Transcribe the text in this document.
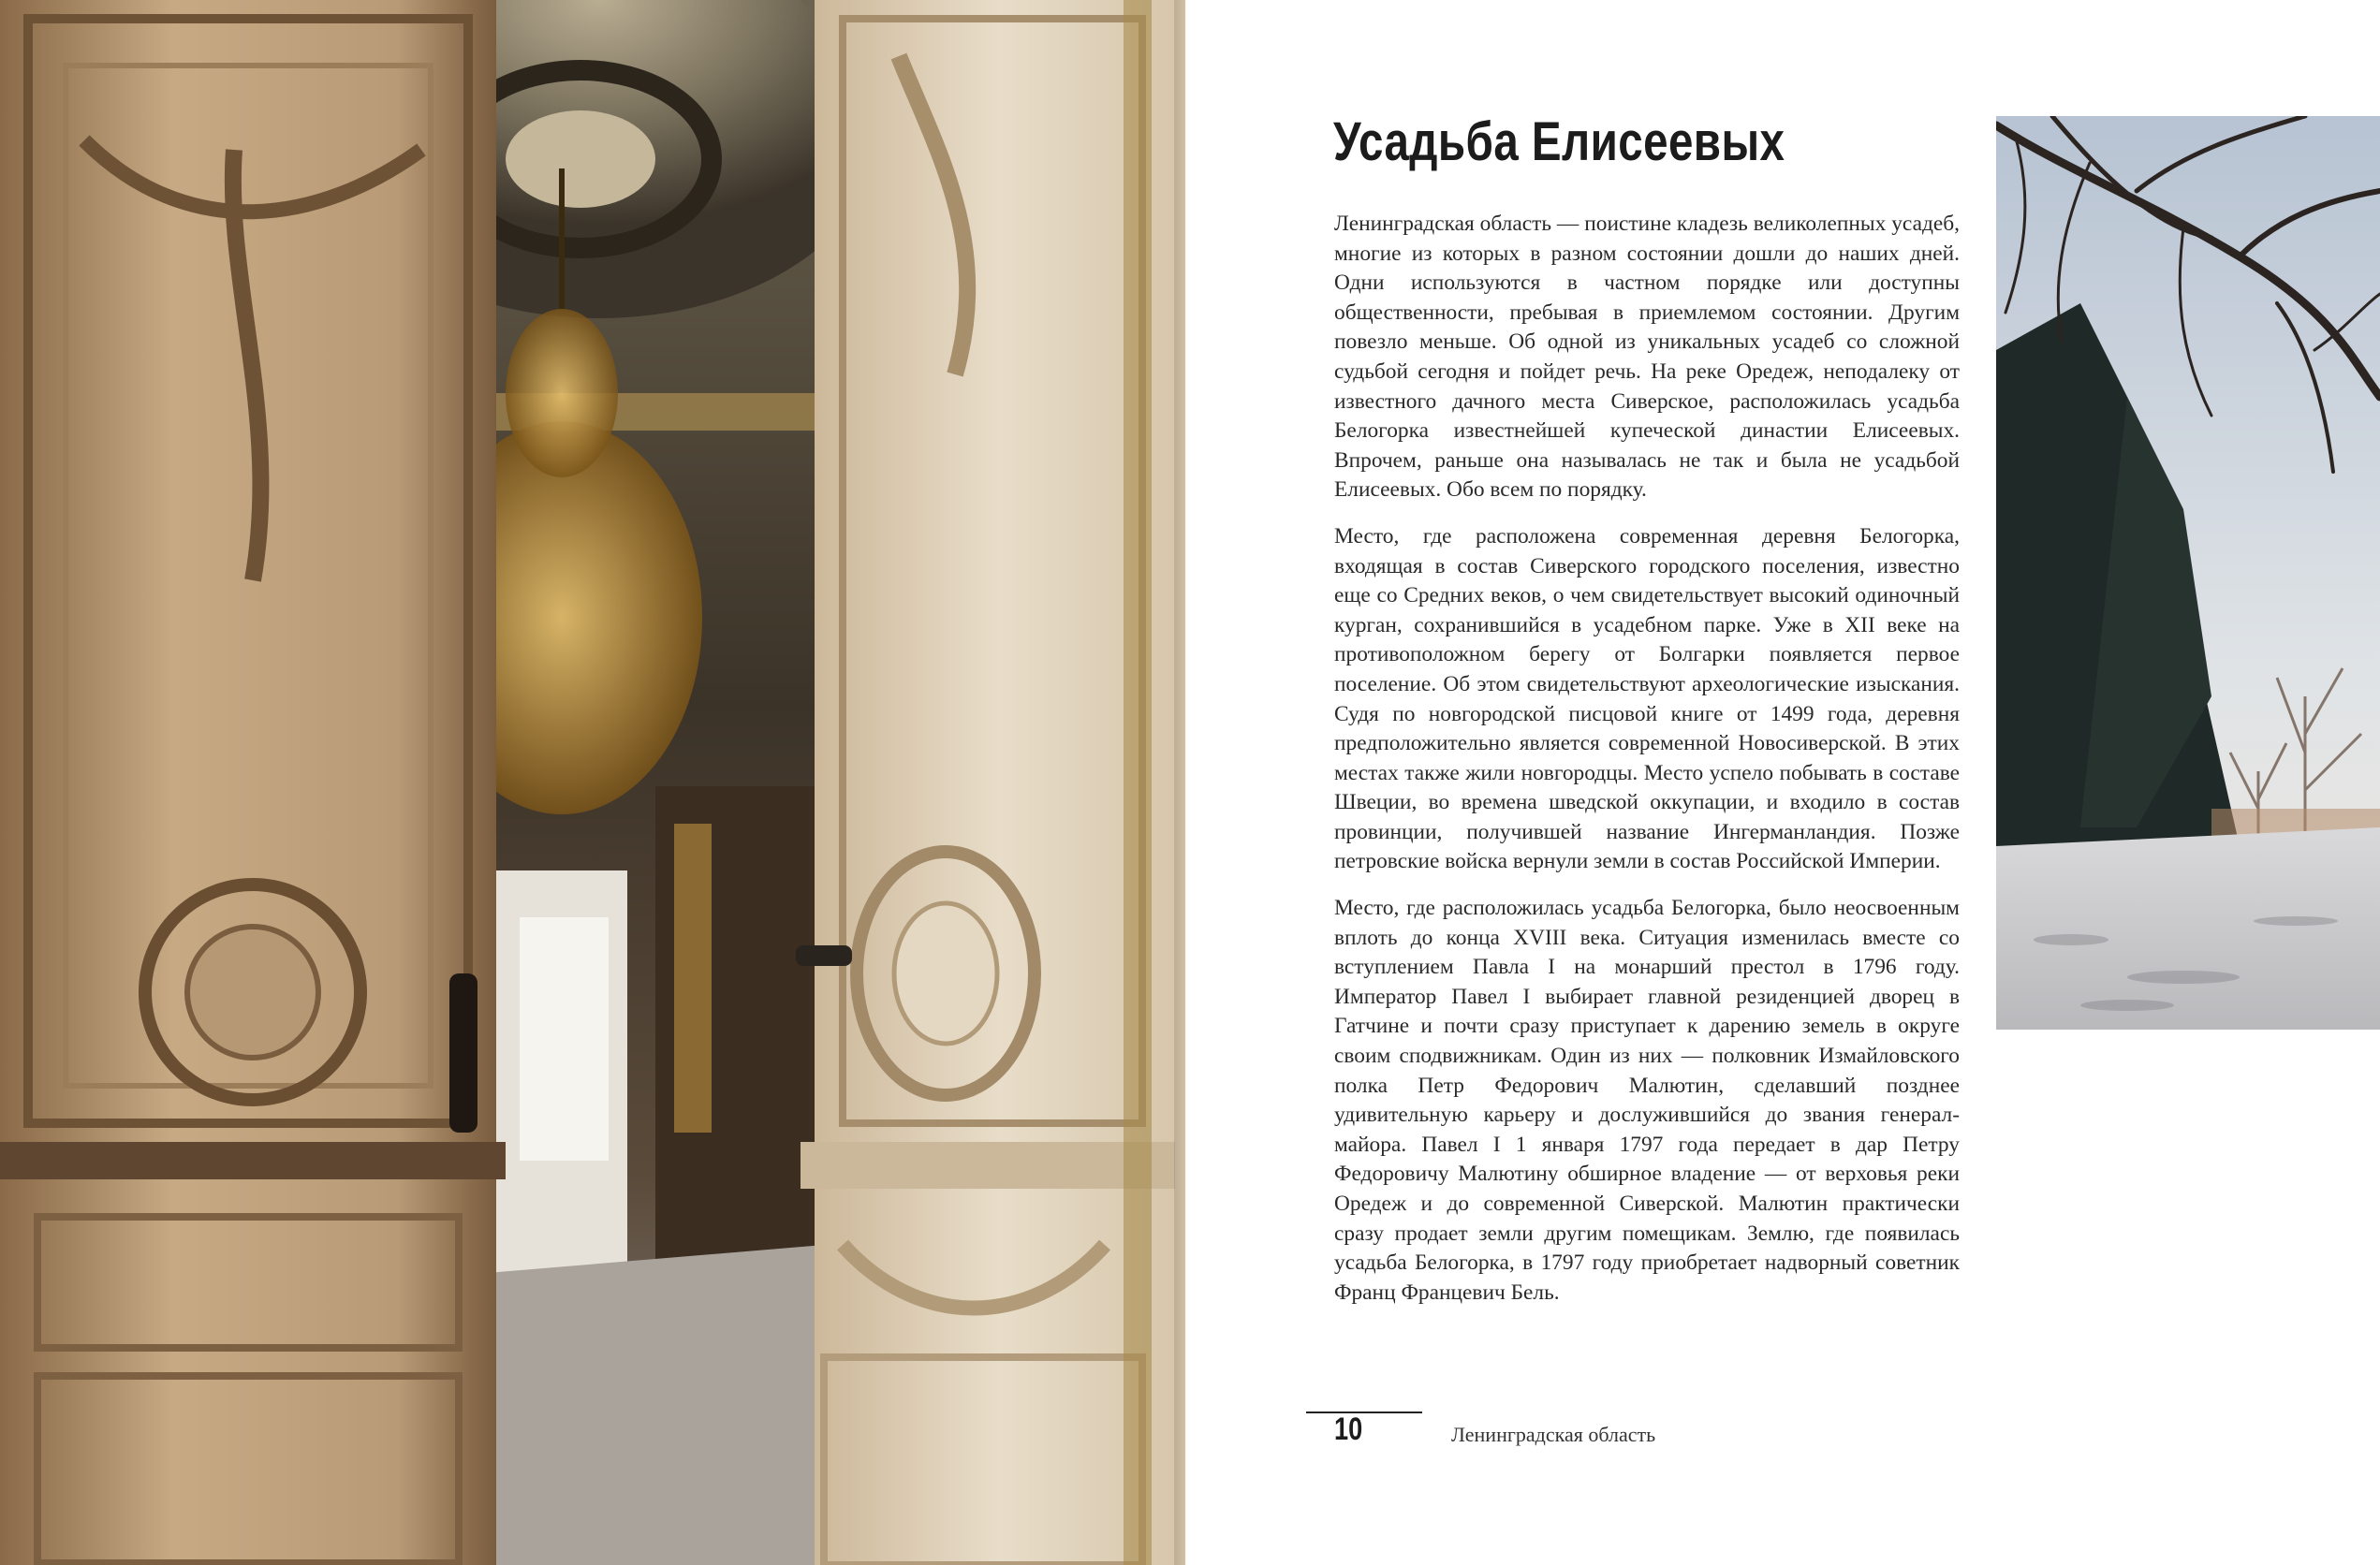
Усадьба Елисеевых

Ленинградская область — поистине кладезь великолепных усадеб, многие из которых в разном состоянии дошли до наших дней. Одни используются в частном порядке или доступны общественности, пребывая в приемлемом состоянии. Другим повезло меньше. Об одной из уникальных усадеб со сложной судьбой сегодня и пойдет речь. На реке Оредеж, неподалеку от известного дачного места Сиверское, расположилась усадьба Белогорка известнейшей купеческой династии Елисеевых. Впрочем, раньше она называлась не так и была не усадьбой Елисеевых. Обо всем по порядку.

Место, где расположена современная деревня Белогорка, входящая в состав Сиверского городского поселения, известно еще со Средних веков, о чем свидетельствует высокий одиночный курган, сохранившийся в усадебном парке. Уже в XII веке на противоположном берегу от Болгарки появляется первое поселение. Об этом свидетельствуют археологические изыскания. Судя по новгородской писцовой книге от 1499 года, деревня предположительно является современной Новосиверской. В этих местах также жили новгородцы. Место успело побывать в составе Швеции, во времена шведской оккупации, и входило в состав провинции, получившей название Ингерманландия. Позже петровские войска вернули земли в состав Российской Империи.

Место, где расположилась усадьба Белогорка, было неосвоенным вплоть до конца XVIII века. Ситуация изменилась вместе со вступлением Павла I на монарший престол в 1796 году. Император Павел I выбирает главной резиденцией дворец в Гатчине и почти сразу приступает к дарению земель в округе своим сподвижникам. Один из них — полковник Измайловского полка Петр Федорович Малютин, сделавший позднее удивительную карьеру и дослужившийся до звания генерал-майора. Павел I 1 января 1797 года передает в дар Петру Федоровичу Малютину обширное владение — от верховья реки Оредеж и до современной Сиверской. Малютин практически сразу продает земли другим помещикам. Землю, где появилась усадьба Белогорка, в 1797 году приобретает надворный советник Франц Францевич Бель.

10	Ленинградская область
